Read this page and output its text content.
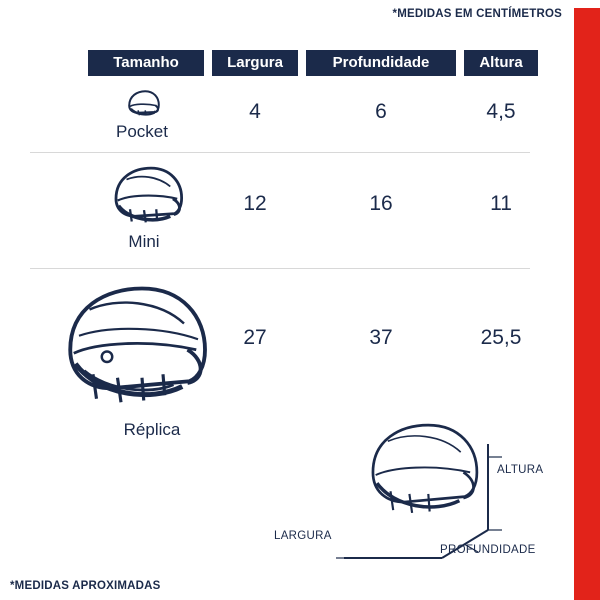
*MEDIDAS EM CENTÍMETROS
Tamanho	Largura	Profundidade	Altura
Pocket
4	6	4,5
Mini
12	16	11
Réplica
27	37	25,5
ALTURA
LARGURA
PROFUNDIDADE
*MEDIDAS APROXIMADAS
